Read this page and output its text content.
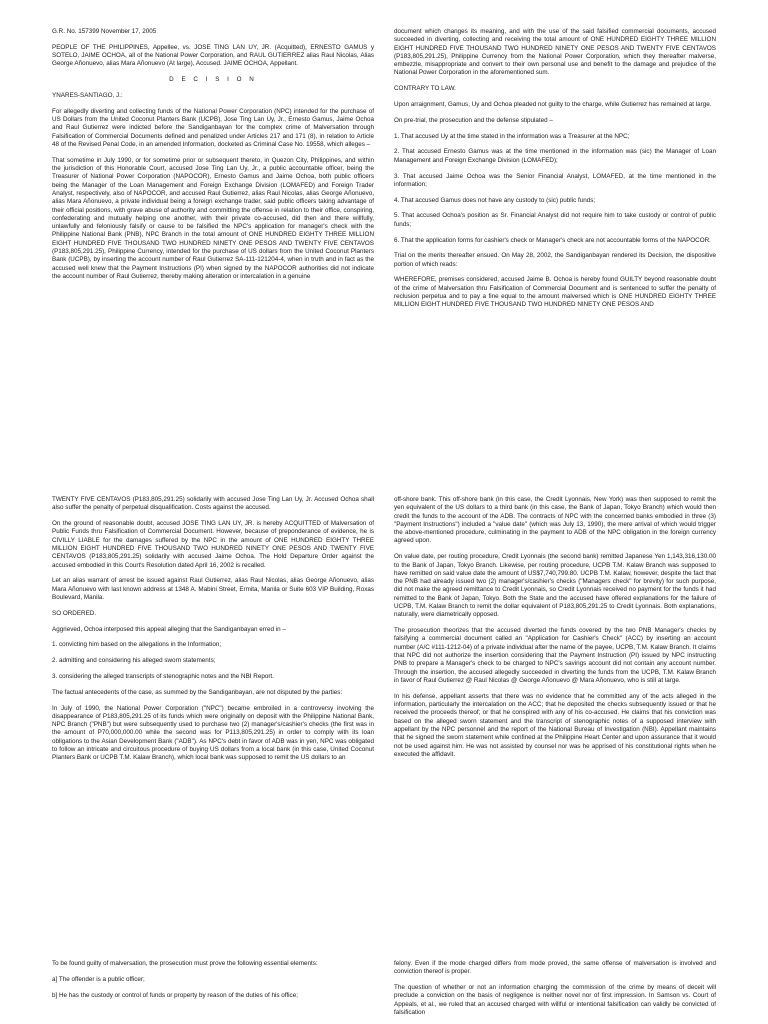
G.R. No. 157399 November 17, 2005

PEOPLE OF THE PHILIPPINES, Appellee, vs. JOSE TING LAN UY, JR. (Acquitted), ERNESTO GAMUS y SOTELO, JAIME OCHOA, all of the National Power Corporation, and RAUL GUTIERREZ alias Raul Nicolas, Alias George Añonuevo, alias Mara Añonuevo (At large), Accused. JAIME OCHOA, Appellant.

D E C I S I O N

YNARES-SANTIAGO, J.:

For allegedly diverting and collecting funds of the National Power Corporation (NPC) intended for the purchase of US Dollars from the United Coconut Planters Bank (UCPB), Jose Ting Lan Uy, Jr., Ernesto Gamus, Jaime Ochoa and Raul Gutierrez were indicted before the Sandiganbayan for the complex crime of Malversation through Falsification of Commercial Documents defined and penalized under Articles 217 and 171 (8), in relation to Article 48 of the Revised Penal Code, in an amended Information, docketed as Criminal Case No. 19558, which alleges –

That sometime in July 1990, or for sometime prior or subsequent thereto, in Quezon City, Philippines, and within the jurisdiction of this Honorable Court, accused Jose Ting Lan Uy, Jr., a public accountable officer, being the Treasurer of National Power Corporation (NAPOCOR), Ernesto Gamus and Jaime Ochoa, both public officers being the Manager of the Loan Management and Foreign Exchange Division (LOMAFED) and Foreign Trader Analyst, respectively, also of NAPOCOR, and accused Raul Gutierrez, alias Raul Nicolas, alias George Añonuevo, alias Mara Añonuevo, a private individual being a foreign exchange trader, said public officers taking advantage of their official positions, with grave abuse of authority and committing the offense in relation to their office, conspiring, confederating and mutually helping one another, with their private co-accused, did then and there willfully, unlawfully and feloniously falsify or cause to be falsified the NPC's application for manager's check with the Philippine National Bank (PNB), NPC Branch in the total amount of ONE HUNDRED EIGHTY THREE MILLION EIGHT HUNDRED FIVE THOUSAND TWO HUNDRED NINETY ONE PESOS AND TWENTY FIVE CENTAVOS (P183,805,291.25), Philippine Currency, intended for the purchase of US dollars from the United Coconut Planters Bank (UCPB), by inserting the account number of Raul Gutierrez SA-111-121204-4, when in truth and in fact as the accused well knew that the Payment Instructions (PI) when signed by the NAPOCOR authorities did not indicate the account number of Raul Gutierrez, thereby making alteration or intercalation in a genuine

document which changes its meaning, and with the use of the said falsified commercial documents, accused succeeded in diverting, collecting and receiving the total amount of ONE HUNDRED EIGHTY THREE MILLION EIGHT HUNDRED FIVE THOUSAND TWO HUNDRED NINETY ONE PESOS AND TWENTY FIVE CENTAVOS (P183,805,291.25), Philippine Currency from the National Power Corporation, which they thereafter malverse, embezzle, misappropriate and convert to their own personal use and benefit to the damage and prejudice of the National Power Corporation in the aforementioned sum.

CONTRARY TO LAW.

Upon arraignment, Gamus, Uy and Ochoa pleaded not guilty to the charge, while Gutierrez has remained at large.

On pre-trial, the prosecution and the defense stipulated –

1. That accused Uy at the time stated in the information was a Treasurer at the NPC;

2. That accused Ernesto Gamus was at the time mentioned in the information was (sic) the Manager of Loan Management and Foreign Exchange Division (LOMAFED);

3. That accused Jaime Ochoa was the Senior Financial Analyst, LOMAFED, at the time mentioned in the information;

4. That accused Gamus does not have any custody to (sic) public funds;

5. That accused Ochoa's position as Sr. Financial Analyst did not require him to take custody or control of public funds;

6. That the application forms for cashier's check or Manager's check are not accountable forms of the NAPOCOR.

Trial on the merits thereafter ensued. On May 28, 2002, the Sandiganbayan rendered its Decision, the dispositive portion of which reads:

WHEREFORE, premises considered, accused Jaime B. Ochoa is hereby found GUILTY beyond reasonable doubt of the crime of Malversation thru Falsification of Commercial Document and is sentenced to suffer the penalty of reclusion perpetua and to pay a fine equal to the amount malversed which is ONE HUNDRED EIGHTY THREE MILLION EIGHT HUNDRED FIVE THOUSAND TWO HUNDRED NINETY ONE PESOS AND

TWENTY FIVE CENTAVOS (P183,805,291.25) solidarily with accused Jose Ting Lan Uy, Jr. Accused Ochoa shall also suffer the penalty of perpetual disqualification. Costs against the accused.

On the ground of reasonable doubt, accused JOSE TING LAN UY, JR. is hereby ACQUITTED of Malversation of Public Funds thru Falsification of Commercial Document. However, because of preponderance of evidence, he is CIVILLY LIABLE for the damages suffered by the NPC in the amount of ONE HUNDRED EIGHTY THREE MILLION EIGHT HUNDRED FIVE THOUSAND TWO HUNDRED NINETY ONE PESOS AND TWENTY FIVE CENTAVOS (P183,805,291.25) solidarily with accused Jaime Ochoa. The Hold Departure Order against the accused embodied in this Court's Resolution dated April 16, 2002 is recalled.

Let an alias warrant of arrest be issued against Raul Gutierrez, alias Raul Nicolas, alias George Añonuevo, alias Mara Añonuevo with last known address at 1348 A. Mabini Street, Ermita, Manila or Suite 603 VIP Building, Roxas Boulevard, Manila.

SO ORDERED.

Aggrieved, Ochoa interposed this appeal alleging that the Sandiganbayan erred in –

1. convicting him based on the allegations in the Information;

2. admitting and considering his alleged sworn statements;

3. considering the alleged transcripts of stenographic notes and the NBI Report.

The factual antecedents of the case, as summed by the Sandiganbayan, are not disputed by the parties:

In July of 1990, the National Power Corporation ("NPC") became embroiled in a controversy involving the disappearance of P183,805,291.25 of its funds which were originally on deposit with the Philippine National Bank, NPC Branch ("PNB") but were subsequently used to purchase two (2) manager's/cashier's checks (the first was in the amount of P70,000,000.00 while the second was for P113,805,291.25) in order to comply with its loan obligations to the Asian Development Bank ("ADB"). As NPC's debt in favor of ADB was in yen, NPC was obligated to follow an intricate and circuitous procedure of buying US dollars from a local bank (in this case, United Coconut Planters Bank or UCPB T.M. Kalaw Branch), which local bank was supposed to remit the US dollars to an

off-shore bank. This off-shore bank (in this case, the Credit Lyonnais, New York) was then supposed to remit the yen equivalent of the US dollars to a third bank (in this case, the Bank of Japan, Tokyo Branch) which would then credit the funds to the account of the ADB. The contracts of NPC with the concerned banks embodied in three (3) "Payment Instructions") included a "value date" (which was July 13, 1990), the mere arrival of which would trigger the above-mentioned procedure, culminating in the payment to ADB of the NPC obligation in the foreign currency agreed upon.

On value date, per routing procedure, Credit Lyonnais (the second bank) remitted Japanese Yen 1,143,316,130.00 to the Bank of Japan, Tokyo Branch. Likewise, per routing procedure, UCPB T.M. Kalaw Branch was supposed to have remitted on said value date the amount of US$7,740,799.80. UCPB T.M. Kalaw, however, despite the fact that the PNB had already issued two (2) manager's/cashier's checks ("Managers check" for brevity) for such purpose, did not make the agreed remittance to Credit Lyonnais, so Credit Lyonnais received no payment for the funds it had remitted to the Bank of Japan, Tokyo. Both the State and the accused have offered explanations for the failure of UCPB, T.M. Kalaw Branch to remit the dollar equivalent of P183,805,291.25 to Credit Lyonnais. Both explanations, naturally, were diametrically opposed.

The prosecution theorizes that the accused diverted the funds covered by the two PNB Manager's checks by falsifying a commercial document called an "Application for Cashier's Check" (ACC) by inserting an account number (A/C #111-1212-04) of a private individual after the name of the payee, UCPB, T.M. Kalaw Branch. It claims that NPC did not authorize the insertion considering that the Payment Instruction (PI) issued by NPC instructing PNB to prepare a Manager's check to be charged to NPC's savings account did not contain any account number. Through the insertion, the accused allegedly succeeded in diverting the funds from the UCPB, T.M. Kalaw Branch in favor of Raul Gutierrez @ Raul Nicolas @ George Añonuevo @ Mara Añonuevo, who is still at large.

In his defense, appellant asserts that there was no evidence that he committed any of the acts alleged in the information, particularly the intercalation on the ACC; that he deposited the checks subsequently issued or that he received the proceeds thereof; or that he conspired with any of his co-accused. He claims that his conviction was based on the alleged sworn statement and the transcript of stenographic notes of a supposed interview with appellant by the NPC personnel and the report of the National Bureau of Investigation (NBI). Appellant maintains that he signed the sworn statement while confined at the Philippine Heart Center and upon assurance that it would not be used against him. He was not assisted by counsel nor was he apprised of his constitutional rights when he executed the affidavit.

To be found guilty of malversation, the prosecution must prove the following essential elements:

a] The offender is a public officer;

b] He has the custody or control of funds or property by reason of the duties of his office;

felony. Even if the mode charged differs from mode proved, the same offense of malversation is involved and conviction thereof is proper.

The question of whether or not an information charging the commission of the crime by means of deceit will preclude a conviction on the basis of negligence is neither novel nor of first impression. In Samson vs. Court of Appeals, et al., we ruled that an accused charged with willful or intentional falsification can validly be convicted of falsification
